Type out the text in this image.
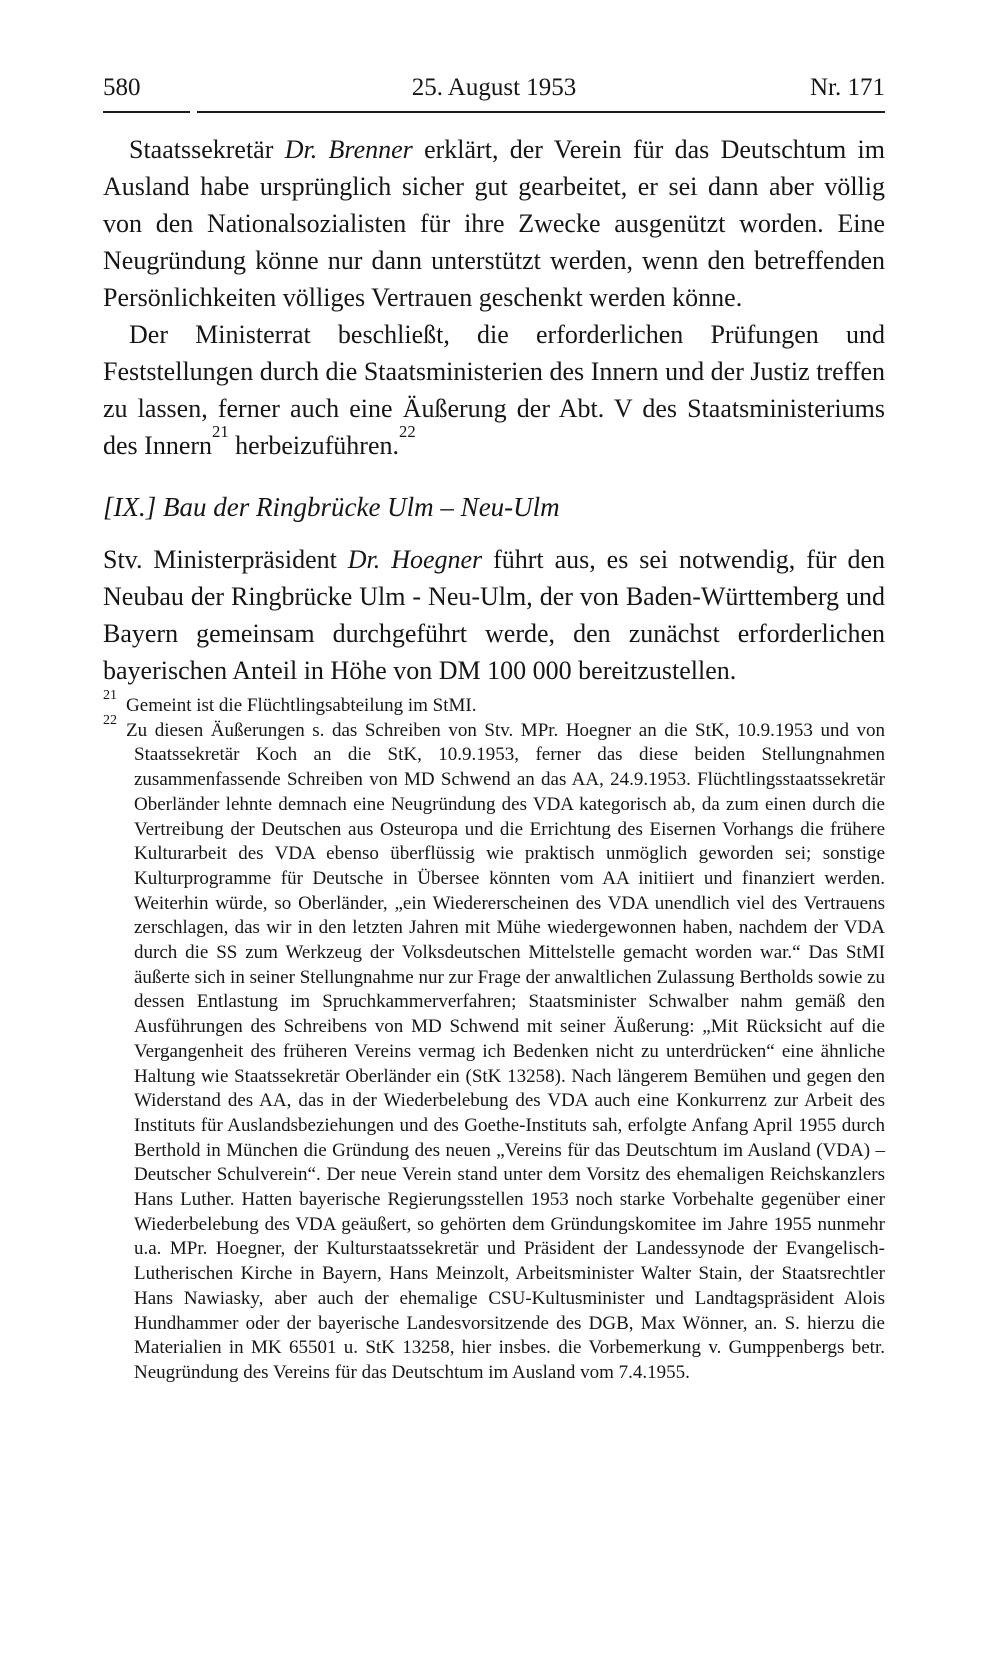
580	25. August 1953	Nr. 171

Staatssekretär Dr. Brenner erklärt, der Verein für das Deutschtum im Ausland habe ursprünglich sicher gut gearbeitet, er sei dann aber völlig von den Nationalsozialisten für ihre Zwecke ausgenützt worden. Eine Neugründung könne nur dann unterstützt werden, wenn den betreffenden Persönlichkeiten völliges Vertrauen geschenkt werden könne.

Der Ministerrat beschließt, die erforderlichen Prüfungen und Feststellungen durch die Staatsministerien des Innern und der Justiz treffen zu lassen, ferner auch eine Äußerung der Abt. V des Staatsministeriums des Innern$^{21}$ herbeizuführen.$^{22}$

[IX.] Bau der Ringbrücke Ulm – Neu-Ulm

Stv. Ministerpräsident Dr. Hoegner führt aus, es sei notwendig, für den Neubau der Ringbrücke Ulm - Neu-Ulm, der von Baden-Württemberg und Bayern gemeinsam durchgeführt werde, den zunächst erforderlichen bayerischen Anteil in Höhe von DM 100 000 bereitzustellen.

$^{21}$ Gemeint ist die Flüchtlingsabteilung im StMI.
$^{22}$ Zu diesen Äußerungen s. das Schreiben von Stv. MPr. Hoegner an die StK, 10.9.1953 und von Staatssekretär Koch an die StK, 10.9.1953, ferner das diese beiden Stellungnahmen zusammenfassende Schreiben von MD Schwend an das AA, 24.9.1953. Flüchtlingsstaatssekretär Oberländer lehnte demnach eine Neugründung des VDA kategorisch ab, da zum einen durch die Vertreibung der Deutschen aus Osteuropa und die Errichtung des Eisernen Vorhangs die frühere Kulturarbeit des VDA ebenso überflüssig wie praktisch unmöglich geworden sei; sonstige Kulturprogramme für Deutsche in Übersee könnten vom AA initiiert und finanziert werden. Weiterhin würde, so Oberländer, „ein Wiedererscheinen des VDA unendlich viel des Vertrauens zerschlagen, das wir in den letzten Jahren mit Mühe wiedergewonnen haben, nachdem der VDA durch die SS zum Werkzeug der Volksdeutschen Mittelstelle gemacht worden war.“ Das StMI äußerte sich in seiner Stellungnahme nur zur Frage der anwaltlichen Zulassung Bertholds sowie zu dessen Entlastung im Spruchkammerverfahren; Staatsminister Schwalber nahm gemäß den Ausführungen des Schreibens von MD Schwend mit seiner Äußerung: „Mit Rücksicht auf die Vergangenheit des früheren Vereins vermag ich Bedenken nicht zu unterdrücken“ eine ähnliche Haltung wie Staatssekretär Oberländer ein (StK 13258). Nach längerem Bemühen und gegen den Widerstand des AA, das in der Wiederbelebung des VDA auch eine Konkurrenz zur Arbeit des Instituts für Auslandsbeziehungen und des Goethe-Instituts sah, erfolgte Anfang April 1955 durch Berthold in München die Gründung des neuen „Vereins für das Deutschtum im Ausland (VDA) – Deutscher Schulverein“. Der neue Verein stand unter dem Vorsitz des ehemaligen Reichskanzlers Hans Luther. Hatten bayerische Regierungsstellen 1953 noch starke Vorbehalte gegenüber einer Wiederbelebung des VDA geäußert, so gehörten dem Gründungskomitee im Jahre 1955 nunmehr u.a. MPr. Hoegner, der Kulturstaatssekretär und Präsident der Landessynode der Evangelisch-Lutherischen Kirche in Bayern, Hans Meinzolt, Arbeitsminister Walter Stain, der Staatsrechtler Hans Nawiasky, aber auch der ehemalige CSU-Kultusminister und Landtagspräsident Alois Hundhammer oder der bayerische Landesvorsitzende des DGB, Max Wönner, an. S. hierzu die Materialien in MK 65501 u. StK 13258, hier insbes. die Vorbemerkung v. Gumppenbergs betr. Neugründung des Vereins für das Deutschtum im Ausland vom 7.4.1955.
